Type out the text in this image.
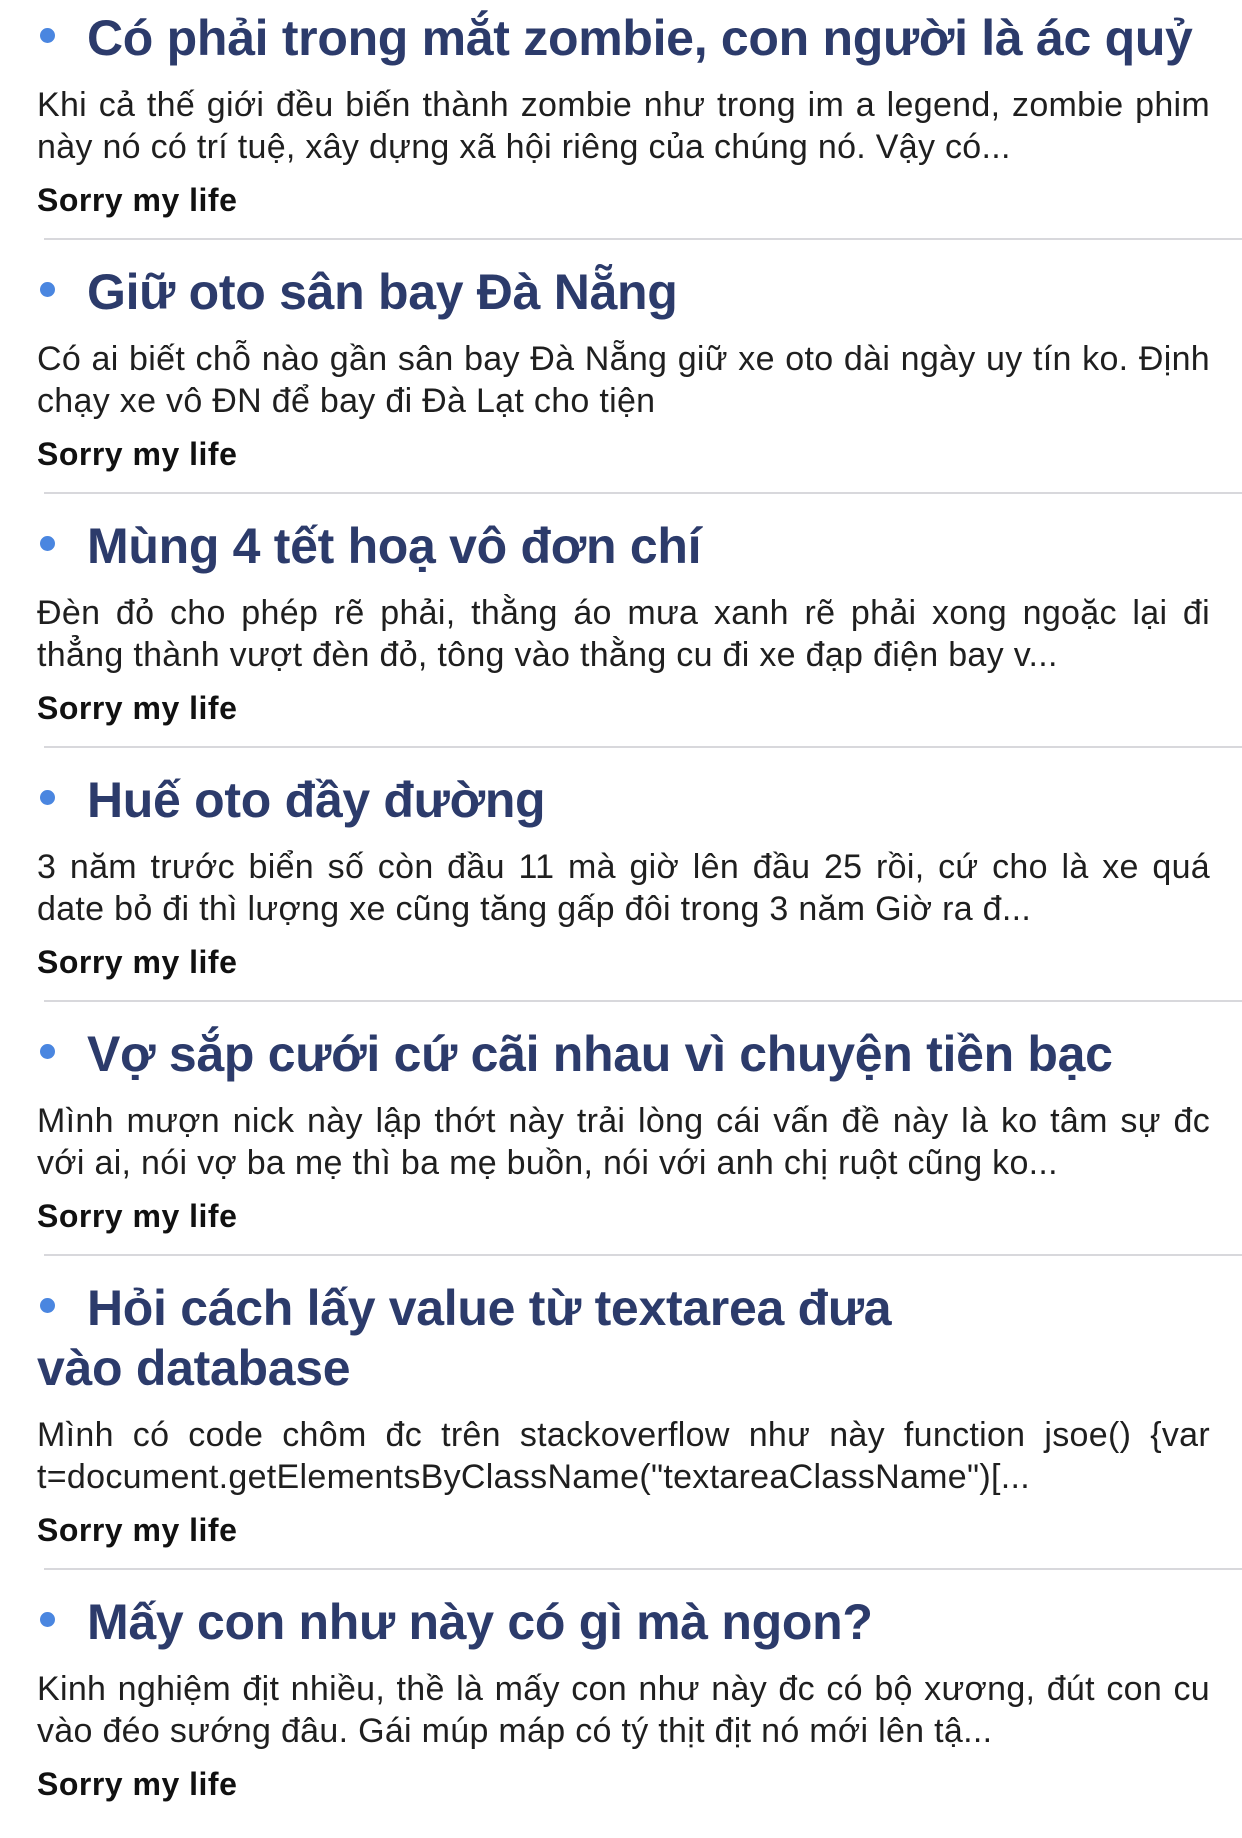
Có phải trong mắt zombie, con người là ác quỷ

Khi cả thế giới đều biến thành zombie như trong im a legend, zombie phim này nó có trí tuệ, xây dựng xã hội riêng của chúng nó. Vậy có...

Sorry my life

Giữ oto sân bay Đà Nẵng

Có ai biết chỗ nào gần sân bay Đà Nẵng giữ xe oto dài ngày uy tín ko. Định chạy xe vô ĐN để bay đi Đà Lạt cho tiện

Sorry my life

Mùng 4 tết hoạ vô đơn chí

Đèn đỏ cho phép rẽ phải, thằng áo mưa xanh rẽ phải xong ngoặc lại đi thẳng thành vượt đèn đỏ, tông vào thằng cu đi xe đạp điện bay v...

Sorry my life

Huế oto đầy đường

3 năm trước biển số còn đầu 11 mà giờ lên đầu 25 rồi, cứ cho là xe quá date bỏ đi thì lượng xe cũng tăng gấp đôi trong 3 năm Giờ ra đ...

Sorry my life

Vợ sắp cưới cứ cãi nhau vì chuyện tiền bạc

Mình mượn nick này lập thớt này trải lòng cái vấn đề này là ko tâm sự đc với ai, nói vợ ba mẹ thì ba mẹ buồn, nói với anh chị ruột cũng ko...

Sorry my life

Hỏi cách lấy value từ textarea đưa vào database

Mình có code chôm đc trên stackoverflow như này function jsoe() {var t=document.getElementsByClassName("textareaClassName")[...

Sorry my life

Mấy con như này có gì mà ngon?

Kinh nghiệm địt nhiều, thề là mấy con như này đc có bộ xương, đút con cu vào đéo sướng đâu. Gái múp máp có tý thịt địt nó mới lên tậ...

Sorry my life
